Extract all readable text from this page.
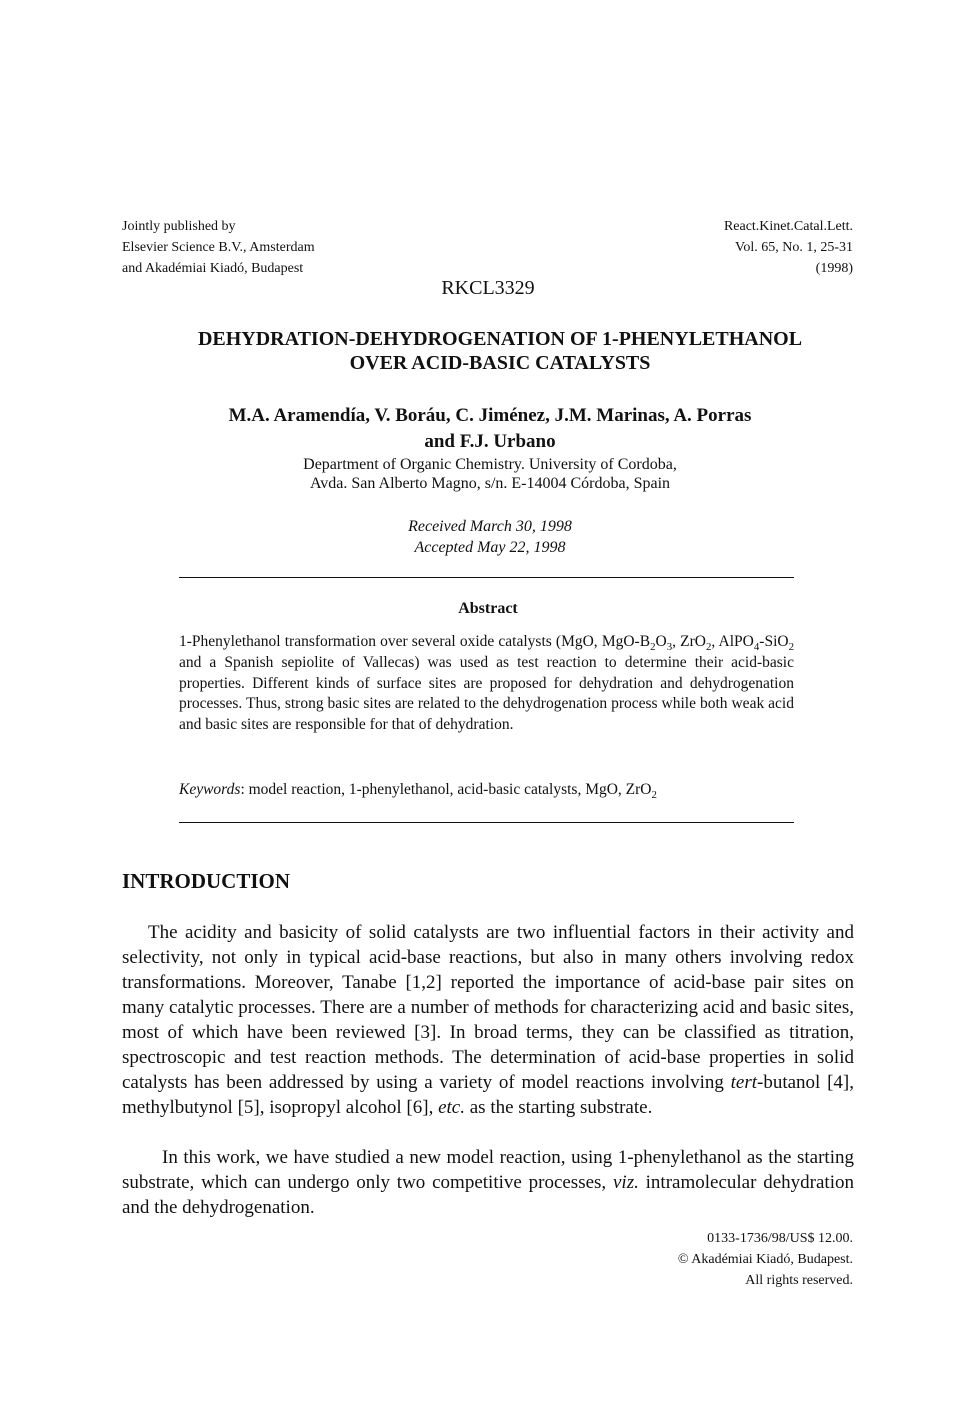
Jointly published by
Elsevier Science B.V., Amsterdam
and Akadémiai Kiadó, Budapest
React.Kinet.Catal.Lett.
Vol. 65, No. 1, 25-31
(1998)
RKCL3329
DEHYDRATION-DEHYDROGENATION OF 1-PHENYLETHANOL
OVER ACID-BASIC CATALYSTS
M.A. Aramendía, V. Boráu, C. Jiménez, J.M. Marinas, A. Porras
and F.J. Urbano
Department of Organic Chemistry. University of Cordoba,
Avda. San Alberto Magno, s/n. E-14004 Córdoba, Spain
Received March 30, 1998
Accepted May 22, 1998
Abstract
1-Phenylethanol transformation over several oxide catalysts (MgO, MgO-$B_2O_3$, ZrO$_2$, AlPO$_4$-SiO$_2$ and a Spanish sepiolite of Vallecas) was used as test reaction to determine their acid-basic properties. Different kinds of surface sites are proposed for dehydration and dehydrogenation processes. Thus, strong basic sites are related to the dehydrogenation process while both weak acid and basic sites are responsible for that of dehydration.
Keywords: model reaction, 1-phenylethanol, acid-basic catalysts, MgO, ZrO$_2$
INTRODUCTION
The acidity and basicity of solid catalysts are two influential factors in their activity and selectivity, not only in typical acid-base reactions, but also in many others involving redox transformations. Moreover, Tanabe [1,2] reported the importance of acid-base pair sites on many catalytic processes. There are a number of methods for characterizing acid and basic sites, most of which have been reviewed [3]. In broad terms, they can be classified as titration, spectroscopic and test reaction methods. The determination of acid-base properties in solid catalysts has been addressed by using a variety of model reactions involving tert-butanol [4], methylbutynol [5], isopropyl alcohol [6], etc. as the starting substrate.
In this work, we have studied a new model reaction, using 1-phenylethanol as the starting substrate, which can undergo only two competitive processes, viz. intramolecular dehydration and the dehydrogenation.
0133-1736/98/US$ 12.00.
© Akadémiai Kiadó, Budapest.
All rights reserved.
